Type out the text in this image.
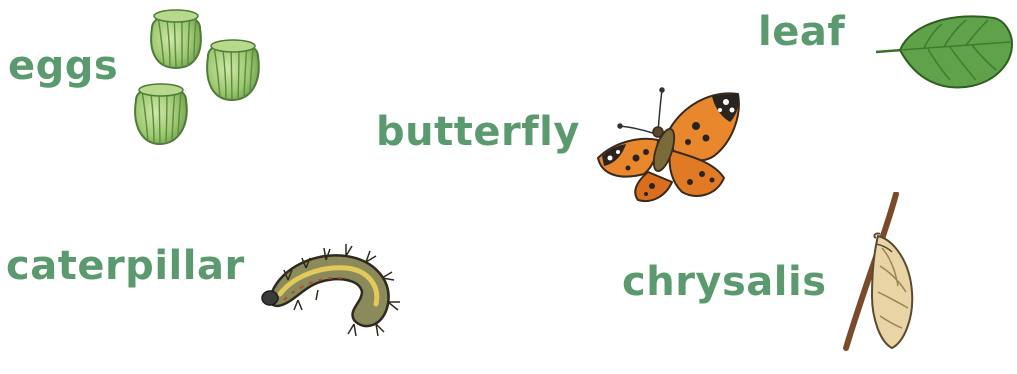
eggs
butterfly
leaf
caterpillar	chrysalis
